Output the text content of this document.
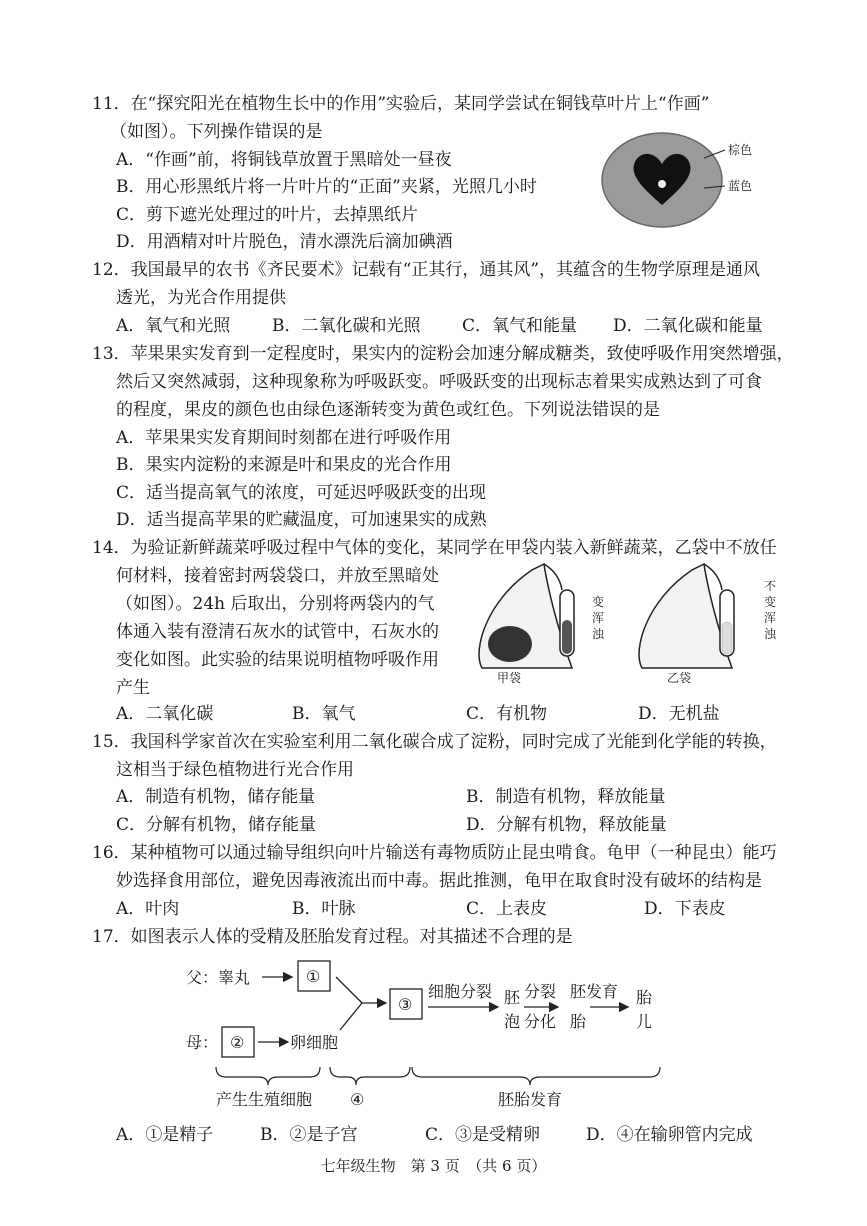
11．在“探究阳光在植物生长中的作用”实验后，某同学尝试在铜钱草叶片上“作画”
（如图）。下列操作错误的是
A．“作画”前，将铜钱草放置于黑暗处一昼夜
B．用心形黑纸片将一片叶片的“正面”夹紧，光照几小时
C．剪下遮光处理过的叶片，去掉黑纸片
D．用酒精对叶片脱色，清水漂洗后滴加碘酒
棕色
蓝色
12．我国最早的农书《齐民要术》记载有“正其行，通其风”，其蕴含的生物学原理是通风
透光，为光合作用提供
A．氧气和光照 B．二氧化碳和光照 C．氧气和能量 D．二氧化碳和能量
13．苹果果实发育到一定程度时，果实内的淀粉会加速分解成糖类，致使呼吸作用突然增强，
然后又突然减弱，这种现象称为呼吸跃变。呼吸跃变的出现标志着果实成熟达到了可食
的程度，果皮的颜色也由绿色逐渐转变为黄色或红色。下列说法错误的是
A．苹果果实发育期间时刻都在进行呼吸作用
B．果实内淀粉的来源是叶和果皮的光合作用
C．适当提高氧气的浓度，可延迟呼吸跃变的出现
D．适当提高苹果的贮藏温度，可加速果实的成熟
14．为验证新鲜蔬菜呼吸过程中气体的变化，某同学在甲袋内装入新鲜蔬菜，乙袋中不放任
何材料，接着密封两袋袋口，并放至黑暗处
（如图）。24h 后取出，分别将两袋内的气
体通入装有澄清石灰水的试管中，石灰水的
变化如图。此实验的结果说明植物呼吸作用
产生
变
浑
浊
甲袋
不
变
浑
浊
乙袋
A．二氧化碳	B．氧气	C．有机物	D．无机盐
15．我国科学家首次在实验室利用二氧化碳合成了淀粉，同时完成了光能到化学能的转换，
这相当于绿色植物进行光合作用
A．制造有机物，储存能量	B．制造有机物，释放能量
C．分解有机物，储存能量	D．分解有机物，释放能量
16．某种植物可以通过输导组织向叶片输送有毒物质防止昆虫啃食。龟甲（一种昆虫）能巧
妙选择食用部位，避免因毒液流出而中毒。据此推测，龟甲在取食时没有破坏的结构是
A．叶肉	B．叶脉	C．上表皮	D．下表皮
17．如图表示人体的受精及胚胎发育过程。对其描述不合理的是
父：睾丸	①
母： ②	卵细胞
③
细胞分裂 胚
泡
分裂
分化
胚发育
胎
胎
儿
产生生殖细胞 ④	胚胎发育
A．①是精子	B．②是子宫	C．③是受精卵	D．④在输卵管内完成
七年级生物　第 3 页　（共 6 页）
